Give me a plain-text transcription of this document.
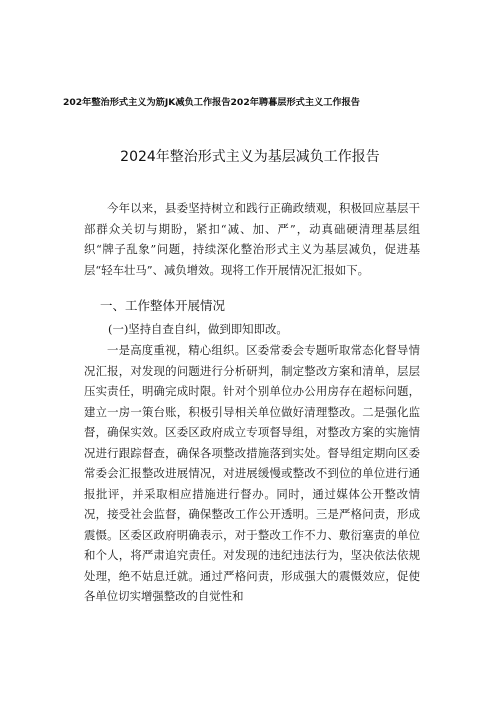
202年整治形式主义为筋JK减负工作报告202年聘暮层形式主义工作报告
2024年整治形式主义为基层减负工作报告

今年以来，县委坚持树立和践行正确政绩观，积极回应基层干部群众关切与期盼，紧扣“减、加、严”，动真础硬清理基层组织“牌子乱象”问题，持续深化整治形式主义为基层减负，促进基层“轻车壮马”、减负增效。现将工作开展情况汇报如下。

一、工作整体开展情况
(一)坚持自查自纠，做到即知即改。

一是高度重视，精心组织。区委常委会专题听取常态化督导情况汇报，对发现的问题进行分析研判，制定整改方案和清单，层层压实责任，明确完成时限。针对个别单位办公用房存在超标问题，建立一房一策台账，积极引导相关单位做好清理整改。二是强化监督，确保实效。区委区政府成立专项督导组，对整改方案的实施情况进行跟踪督查，确保各项整改措施落到实处。督导组定期向区委常委会汇报整改进展情况，对进展缓慢或整改不到位的单位进行通报批评，并采取相应措施进行督办。同时，通过媒体公开整改情况，接受社会监督，确保整改工作公开透明。三是严格问责，形成震慑。区委区政府明确表示，对于整改工作不力、敷衍塞责的单位和个人，将严肃追究责任。对发现的违纪违法行为，坚决依法依规处理，绝不姑息迁就。通过严格问责，形成强大的震慑效应，促使各单位切实增强整改的自觉性和
